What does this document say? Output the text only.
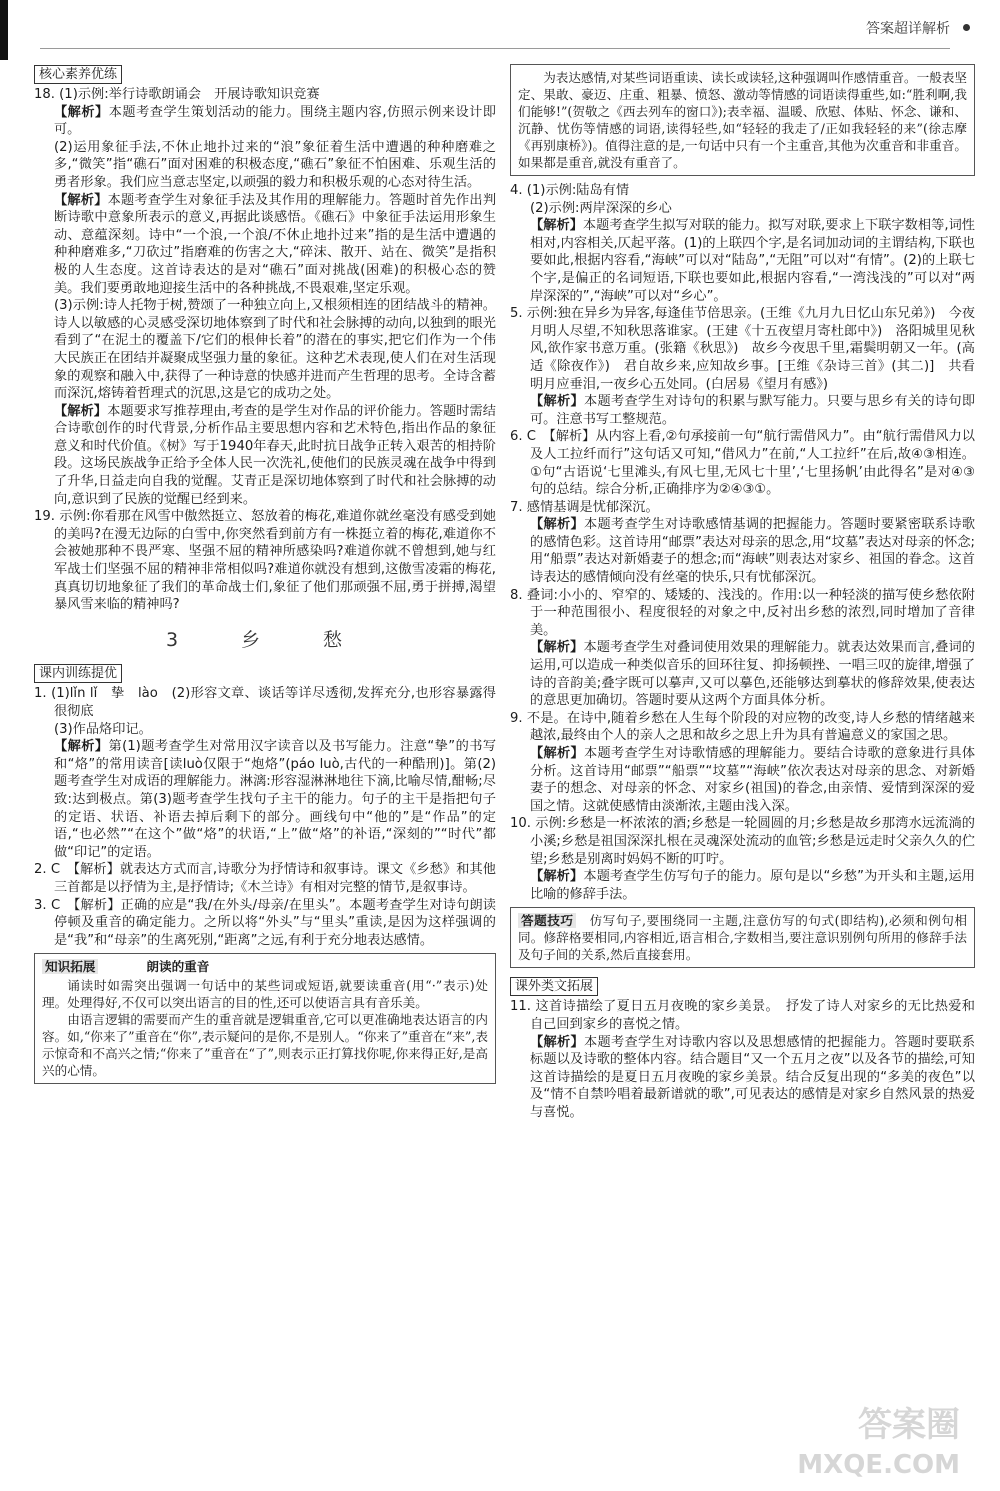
答案超详解析
核心素养优练

18. (1)示例:举行诗歌朗诵会　开展诗歌知识竞赛

【解析】本题考查学生策划活动的能力。围绕主题内容,仿照示例来设计即可。

(2)运用象征手法,不休止地扑过来的“浪”象征着生活中遭遇的种种磨难之多,“微笑”指“礁石”面对困难的积极态度,“礁石”象征不怕困难、乐观生活的勇者形象。我们应当意志坚定,以顽强的毅力和积极乐观的心态对待生活。

【解析】本题考查学生对象征手法及其作用的理解能力。答题时首先作出判断诗歌中意象所表示的意义,再据此谈感悟。《礁石》中象征手法运用形象生动、意蕴深刻。诗中“一个浪,一个浪/不休止地扑过来”指的是生活中遭遇的种种磨难多,“刀砍过”指磨难的伤害之大,“碎沫、散开、站在、微笑”是指积极的人生态度。这首诗表达的是对“礁石”面对挑战(困难)的积极心态的赞美。我们要勇敢地迎接生活中的各种挑战,不畏艰难,坚定乐观。

(3)示例:诗人托物于树,赞颂了一种独立向上,又根须相连的团结战斗的精神。诗人以敏感的心灵感受深切地体察到了时代和社会脉搏的动向,以独到的眼光看到了“在泥土的覆盖下/它们的根伸长着”的潜在的事实,把它们作为一个伟大民族正在团结并凝聚成坚强力量的象征。这种艺术表现,使人们在对生活现象的观察和融入中,获得了一种诗意的快感并进而产生哲理的思考。全诗含蓄而深沉,熔铸着哲理式的沉思,这是它的成功之处。

【解析】本题要求写推荐理由,考查的是学生对作品的评价能力。答题时需结合诗歌创作的时代背景,分析作品主要思想内容和艺术特色,指出作品的象征意义和时代价值。《树》写于1940年春天,此时抗日战争正转入艰苦的相持阶段。这场民族战争正给予全体人民一次洗礼,使他们的民族灵魂在战争中得到了升华,日益走向自我的觉醒。艾青正是深切地体察到了时代和社会脉搏的动向,意识到了民族的觉醒已经到来。

19. 示例:你看那在风雪中傲然挺立、怒放着的梅花,难道你就丝毫没有感受到她的美吗?在漫无边际的白雪中,你突然看到前方有一株挺立着的梅花,难道你不会被她那种不畏严寒、坚强不屈的精神所感染吗?难道你就不曾想到,她与红军战士们坚强不屈的精神非常相似吗?难道你就没有想到,这傲雪凌霜的梅花,真真切切地象征了我们的革命战士们,象征了他们那顽强不屈,勇于拼搏,渴望暴风雪来临的精神吗?

3　乡　愁
课内训练提优

1. (1)lǐn lǐ　挚　lào　(2)形容文章、谈话等详尽透彻,发挥充分,也形容暴露得很彻底

(3)作品烙印记。

【解析】第(1)题考查学生对常用汉字读音以及书写能力。注意“挚”的书写和“烙”的常用读音[读luò仅限于“炮烙”(páo luò,古代的一种酷刑)]。第(2)题考查学生对成语的理解能力。淋漓:形容湿淋淋地往下滴,比喻尽情,酣畅;尽致:达到极点。第(3)题考查学生找句子主干的能力。句子的主干是指把句子的定语、状语、补语去掉后剩下的部分。画线句中“他的”是“作品”的定语,“也必然”“在这个”做“烙”的状语,“上”做“烙”的补语,“深刻的”“时代”都做“印记”的定语。

2. C　【解析】就表达方式而言,诗歌分为抒情诗和叙事诗。课文《乡愁》和其他三首都是以抒情为主,是抒情诗;《木兰诗》有相对完整的情节,是叙事诗。

3. C　【解析】正确的应是“我/在外头/母亲/在里头”。本题考查学生对诗句朗读停顿及重音的确定能力。之所以将“外头”与“里头”重读,是因为这样强调的是“我”和“母亲”的生离死别,“距离”之远,有利于充分地表达感情。

知识拓展	朗读的重音

诵读时如需突出强调一句话中的某些词或短语,就要读重音(用“·”表示)处理。处理得好,不仅可以突出语言的目的性,还可以使语言具有音乐美。

由语言逻辑的需要而产生的重音就是逻辑重音,它可以更准确地表达语言的内容。如,“你来了”重音在“你”,表示疑问的是你,不是别人。“你来了”重音在“来”,表示惊奇和不高兴之情;“你来了”重音在“了”,则表示正打算找你呢,你来得正好,是高兴的心情。

为表达感情,对某些词语重读、读长或读轻,这种强调叫作感情重音。一般表坚定、果敢、豪迈、庄重、粗暴、愤怒、激动等情感的词语读得重些,如:“胜利啊,我们能够!”(贺敬之《西去列车的窗口》);表幸福、温暖、欣慰、体贴、怀念、谦和、沉静、忧伤等情感的词语,读得轻些,如“轻轻的我走了/正如我轻轻的来”(徐志摩《再别康桥》)。值得注意的是,一句话中只有一个主重音,其他为次重音和非重音。如果都是重音,就没有重音了。

4. (1)示例:陆岛有情

(2)示例:两岸深深的乡心

【解析】本题考查学生拟写对联的能力。拟写对联,要求上下联字数相等,词性相对,内容相关,仄起平落。(1)的上联四个字,是名词加动词的主谓结构,下联也要如此,根据内容看,“海峡”可以对“陆岛”,“无阻”可以对“有情”。(2)的上联七个字,是偏正的名词短语,下联也要如此,根据内容看,“一湾浅浅的”可以对“两岸深深的”,“海峡”可以对“乡心”。

5. 示例:独在异乡为异客,每逢佳节倍思亲。(王维《九月九日忆山东兄弟》)　今夜月明人尽望,不知秋思落谁家。(王建《十五夜望月寄杜郎中》)　洛阳城里见秋风,欲作家书意万重。(张籍《秋思》)　故乡今夜思千里,霜鬓明朝又一年。(高适《除夜作》)　君自故乡来,应知故乡事。[王维《杂诗三首》(其二)]　共看明月应垂泪,一夜乡心五处同。(白居易《望月有感》)

【解析】本题考查学生对诗句的积累与默写能力。只要与思乡有关的诗句即可。注意书写工整规范。

6. C　【解析】从内容上看,②句承接前一句“航行需借风力”。由“航行需借风力以及人工拉纤而行”这句话又可知,“借风力”在前,“人工拉纤”在后,故④③相连。①句“古语说‘七里滩头,有风七里,无风七十里’,‘七里扬帆’由此得名”是对④③句的总结。综合分析,正确排序为②④③①。

7. 感情基调是忧郁深沉。

【解析】本题考查学生对诗歌感情基调的把握能力。答题时要紧密联系诗歌的感情色彩。这首诗用“邮票”表达对母亲的思念,用“坟墓”表达对母亲的怀念;用“船票”表达对新婚妻子的想念;而“海峡”则表达对家乡、祖国的眷念。这首诗表达的感情倾向没有丝毫的快乐,只有忧郁深沉。

8. 叠词:小小的、窄窄的、矮矮的、浅浅的。作用:以一种轻淡的描写使乡愁依附于一种范围很小、程度很轻的对象之中,反衬出乡愁的浓烈,同时增加了音律美。

【解析】本题考查学生对叠词使用效果的理解能力。就表达效果而言,叠词的运用,可以造成一种类似音乐的回环往复、抑扬顿挫、一唱三叹的旋律,增强了诗的音韵美;叠字既可以摹声,又可以摹色,还能够达到摹状的修辞效果,使表达的意思更加确切。答题时要从这两个方面具体分析。

9. 不是。在诗中,随着乡愁在人生每个阶段的对应物的改变,诗人乡愁的情绪越来越浓,最终由个人的亲人之思和故乡之思上升为具有普遍意义的家国之思。

【解析】本题考查学生对诗歌情感的理解能力。要结合诗歌的意象进行具体分析。这首诗用“邮票”“船票”“坟墓”“海峡”依次表达对母亲的思念、对新婚妻子的想念、对母亲的怀念、对家乡(祖国)的眷念,由亲情、爱情到深深的爱国之情。这就使感情由淡渐浓,主题由浅入深。

10. 示例:乡愁是一杯浓浓的酒;乡愁是一轮圆圆的月;乡愁是故乡那湾水远流淌的小溪;乡愁是祖国深深扎根在灵魂深处流动的血管;乡愁是远走时父亲久久的伫望;乡愁是别离时妈妈不断的叮咛。

【解析】本题考查学生仿写句子的能力。原句是以“乡愁”为开头和主题,运用比喻的修辞手法。

答题技巧　 仿写句子,要围绕同一主题,注意仿写的句式(即结构),必须和例句相同。修辞格要相同,内容相近,语言相合,字数相当,要注意识别例句所用的修辞手法及句子间的关系,然后直接套用。

课外类文拓展

11. 这首诗描绘了夏日五月夜晚的家乡美景。　抒发了诗人对家乡的无比热爱和自己回到家乡的喜悦之情。

【解析】本题考查学生对诗歌内容以及思想感情的把握能力。答题时要联系标题以及诗歌的整体内容。结合题目“又一个五月之夜”以及各节的描绘,可知这首诗描绘的是夏日五月夜晚的家乡美景。结合反复出现的“多美的夜色”以及“情不自禁吟唱着最新谱就的歌”,可见表达的感情是对家乡自然风景的热爱与喜悦。

答案圈
MXQE.COM
